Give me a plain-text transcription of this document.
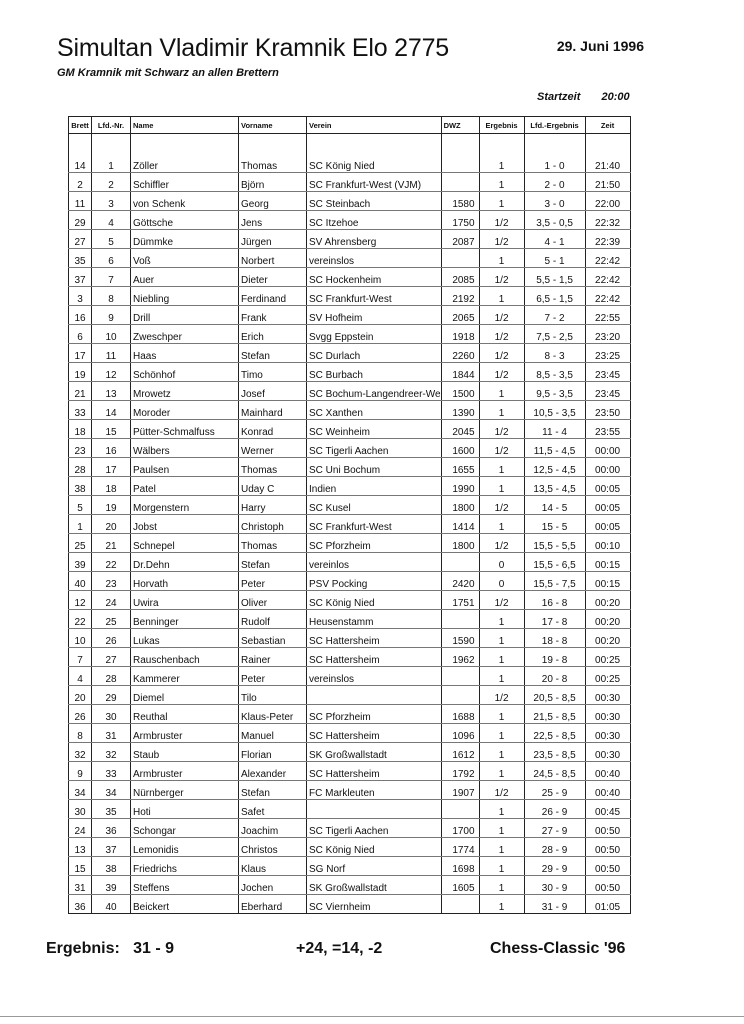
Simultan Vladimir Kramnik Elo 2775	29. Juni 1996
GM Kramnik mit Schwarz an allen Brettern
Startzeit 20:00
Brett	Lfd.-Nr.	Name	Vorname	Verein	DWZ	Ergebnis	Lfd.-Ergebnis	Zeit

14	1	Zöller	Thomas	SC König Nied		1	1 - 0	21:40
2	2	Schiffler	Björn	SC Frankfurt-West (VJM)		1	2 - 0	21:50
11	3	von Schenk	Georg	SC Steinbach	1580	1	3 - 0	22:00
29	4	Göttsche	Jens	SC Itzehoe	1750	1/2	3,5 - 0,5	22:32
27	5	Dümmke	Jürgen	SV Ahrensberg	2087	1/2	4 - 1	22:39
35	6	Voß	Norbert	vereinslos		1	5 - 1	22:42
37	7	Auer	Dieter	SC Hockenheim	2085	1/2	5,5 - 1,5	22:42
3	8	Niebling	Ferdinand	SC Frankfurt-West	2192	1	6,5 - 1,5	22:42
16	9	Drill	Frank	SV Hofheim	2065	1/2	7 - 2	22:55
6	10	Zweschper	Erich	Svgg Eppstein	1918	1/2	7,5 - 2,5	23:20
17	11	Haas	Stefan	SC Durlach	2260	1/2	8 - 3	23:25
19	12	Schönhof	Timo	SC Burbach	1844	1/2	8,5 - 3,5	23:45
21	13	Mrowetz	Josef	SC Bochum-Langendreer-We	1500	1	9,5 - 3,5	23:45
33	14	Moroder	Mainhard	SC Xanthen	1390	1	10,5 - 3,5	23:50
18	15	Pütter-Schmalfuss	Konrad	SC Weinheim	2045	1/2	11 - 4	23:55
23	16	Wälbers	Werner	SC Tigerli Aachen	1600	1/2	11,5 - 4,5	00:00
28	17	Paulsen	Thomas	SC Uni Bochum	1655	1	12,5 - 4,5	00:00
38	18	Patel	Uday C	Indien	1990	1	13,5 - 4,5	00:05
5	19	Morgenstern	Harry	SC Kusel	1800	1/2	14 - 5	00:05
1	20	Jobst	Christoph	SC Frankfurt-West	1414	1	15 - 5	00:05
25	21	Schnepel	Thomas	SC Pforzheim	1800	1/2	15,5 - 5,5	00:10
39	22	Dr.Dehn	Stefan	vereinlos		0	15,5 - 6,5	00:15
40	23	Horvath	Peter	PSV Pocking	2420	0	15,5 - 7,5	00:15
12	24	Uwira	Oliver	SC König Nied	1751	1/2	16 - 8	00:20
22	25	Benninger	Rudolf	Heusenstamm		1	17 - 8	00:20
10	26	Lukas	Sebastian	SC Hattersheim	1590	1	18 - 8	00:20
7	27	Rauschenbach	Rainer	SC Hattersheim	1962	1	19 - 8	00:25
4	28	Kammerer	Peter	vereinslos		1	20 - 8	00:25
20	29	Diemel	Tilo			1/2	20,5 - 8,5	00:30
26	30	Reuthal	Klaus-Peter	SC Pforzheim	1688	1	21,5 - 8,5	00:30
8	31	Armbruster	Manuel	SC Hattersheim	1096	1	22,5 - 8,5	00:30
32	32	Staub	Florian	SK Großwallstadt	1612	1	23,5 - 8,5	00:30
9	33	Armbruster	Alexander	SC Hattersheim	1792	1	24,5 - 8,5	00:40
34	34	Nürnberger	Stefan	FC Markleuten	1907	1/2	25 - 9	00:40
30	35	Hoti	Safet			1	26 - 9	00:45
24	36	Schongar	Joachim	SC Tigerli Aachen	1700	1	27 - 9	00:50
13	37	Lemonidis	Christos	SC König Nied	1774	1	28 - 9	00:50
15	38	Friedrichs	Klaus	SG Norf	1698	1	29 - 9	00:50
31	39	Steffens	Jochen	SK Großwallstadt	1605	1	30 - 9	00:50
36	40	Beickert	Eberhard	SC Viernheim		1	31 - 9	01:05
Ergebnis:   31 - 9	+24, =14, -2	Chess-Classic '96
